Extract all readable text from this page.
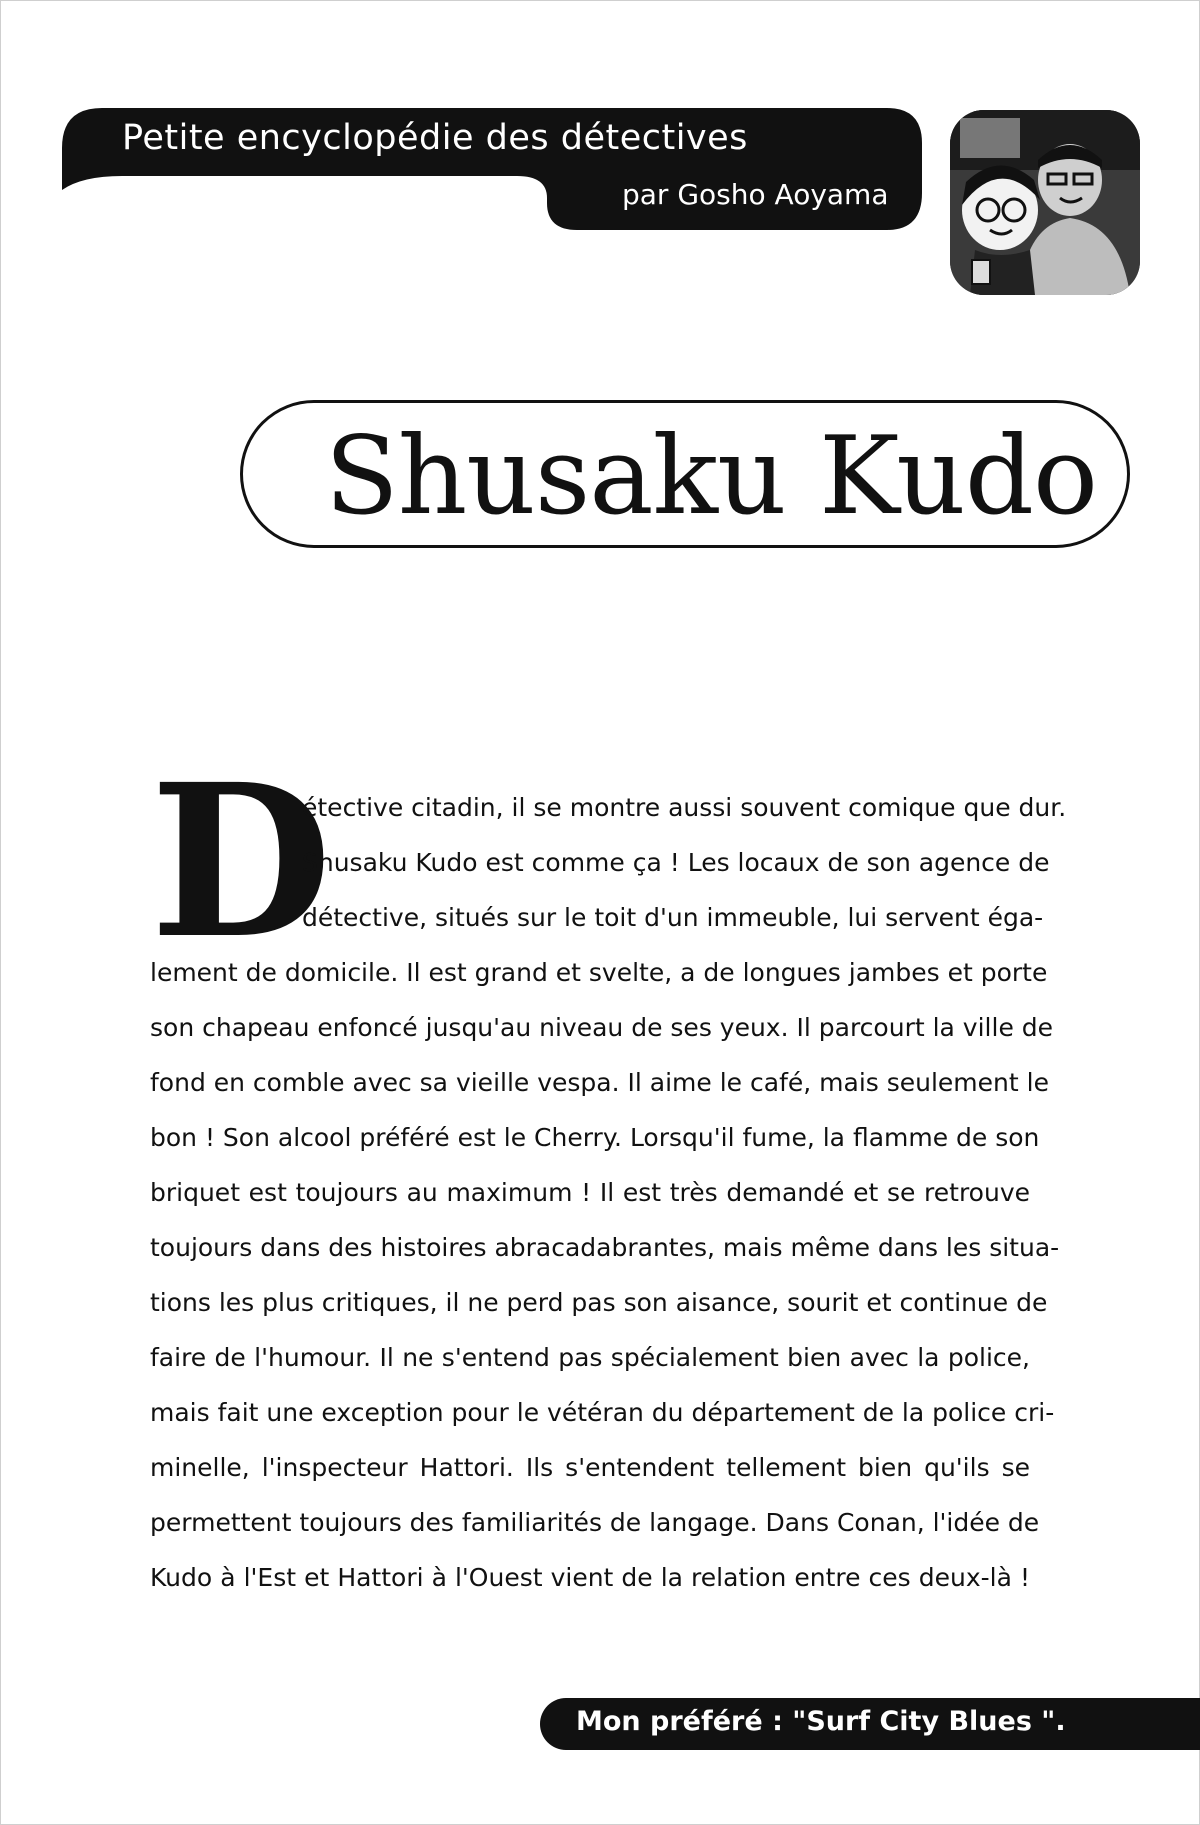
Petite encyclopédie des détectives
par Gosho Aoyama
Shusaku Kudo
D
étective citadin, il se montre aussi souvent comique que dur.
Shusaku Kudo est comme ça ! Les locaux de son agence de
détective, situés sur le toit d'un immeuble, lui servent éga-
lement de domicile. Il est grand et svelte, a de longues jambes et porte
son chapeau enfoncé jusqu'au niveau de ses yeux. Il parcourt la ville de
fond en comble avec sa vieille vespa. Il aime le café, mais seulement le
bon ! Son alcool préféré est le Cherry. Lorsqu'il fume, la flamme de son
briquet est toujours au maximum ! Il est très demandé et se retrouve
toujours dans des histoires abracadabrantes, mais même dans les situa-
tions les plus critiques, il ne perd pas son aisance, sourit et continue de
faire de l'humour. Il ne s'entend pas spécialement bien avec la police,
mais fait une exception pour le vétéran du département de la police cri-
minelle, l'inspecteur Hattori. Ils s'entendent tellement bien qu'ils se
permettent toujours des familiarités de langage. Dans Conan, l'idée de
Kudo à l'Est et Hattori à l'Ouest vient de la relation entre ces deux-là !
Mon préféré : "Surf City Blues ".
